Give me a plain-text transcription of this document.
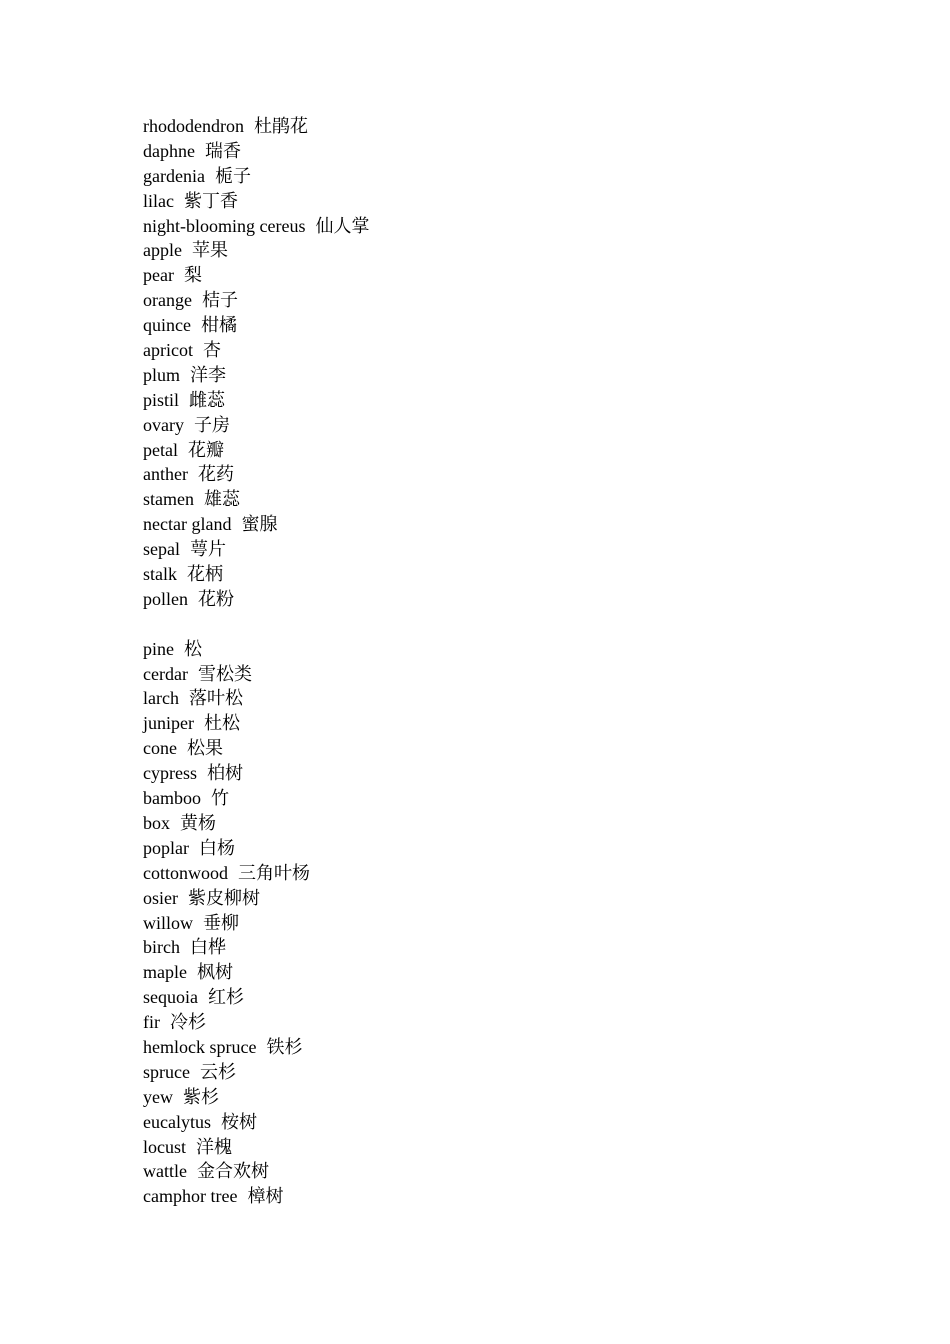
rhododendron 杜鹃花
daphne 瑞香
gardenia 栀子
lilac 紫丁香
night-blooming cereus 仙人掌
apple 苹果
pear 梨
orange 桔子
quince 柑橘
apricot 杏
plum 洋李
pistil 雌蕊
ovary 子房
petal 花瓣
anther 花药
stamen 雄蕊
nectar gland 蜜腺
sepal 萼片
stalk 花柄
pollen 花粉
pine 松
cerdar 雪松类
larch 落叶松
juniper 杜松
cone 松果
cypress 柏树
bamboo 竹
box 黄杨
poplar 白杨
cottonwood 三角叶杨
osier 紫皮柳树
willow 垂柳
birch 白桦
maple 枫树
sequoia 红杉
fir 冷杉
hemlock spruce 铁杉
spruce 云杉
yew 紫杉
eucalytus 桉树
locust 洋槐
wattle 金合欢树
camphor tree 樟树
